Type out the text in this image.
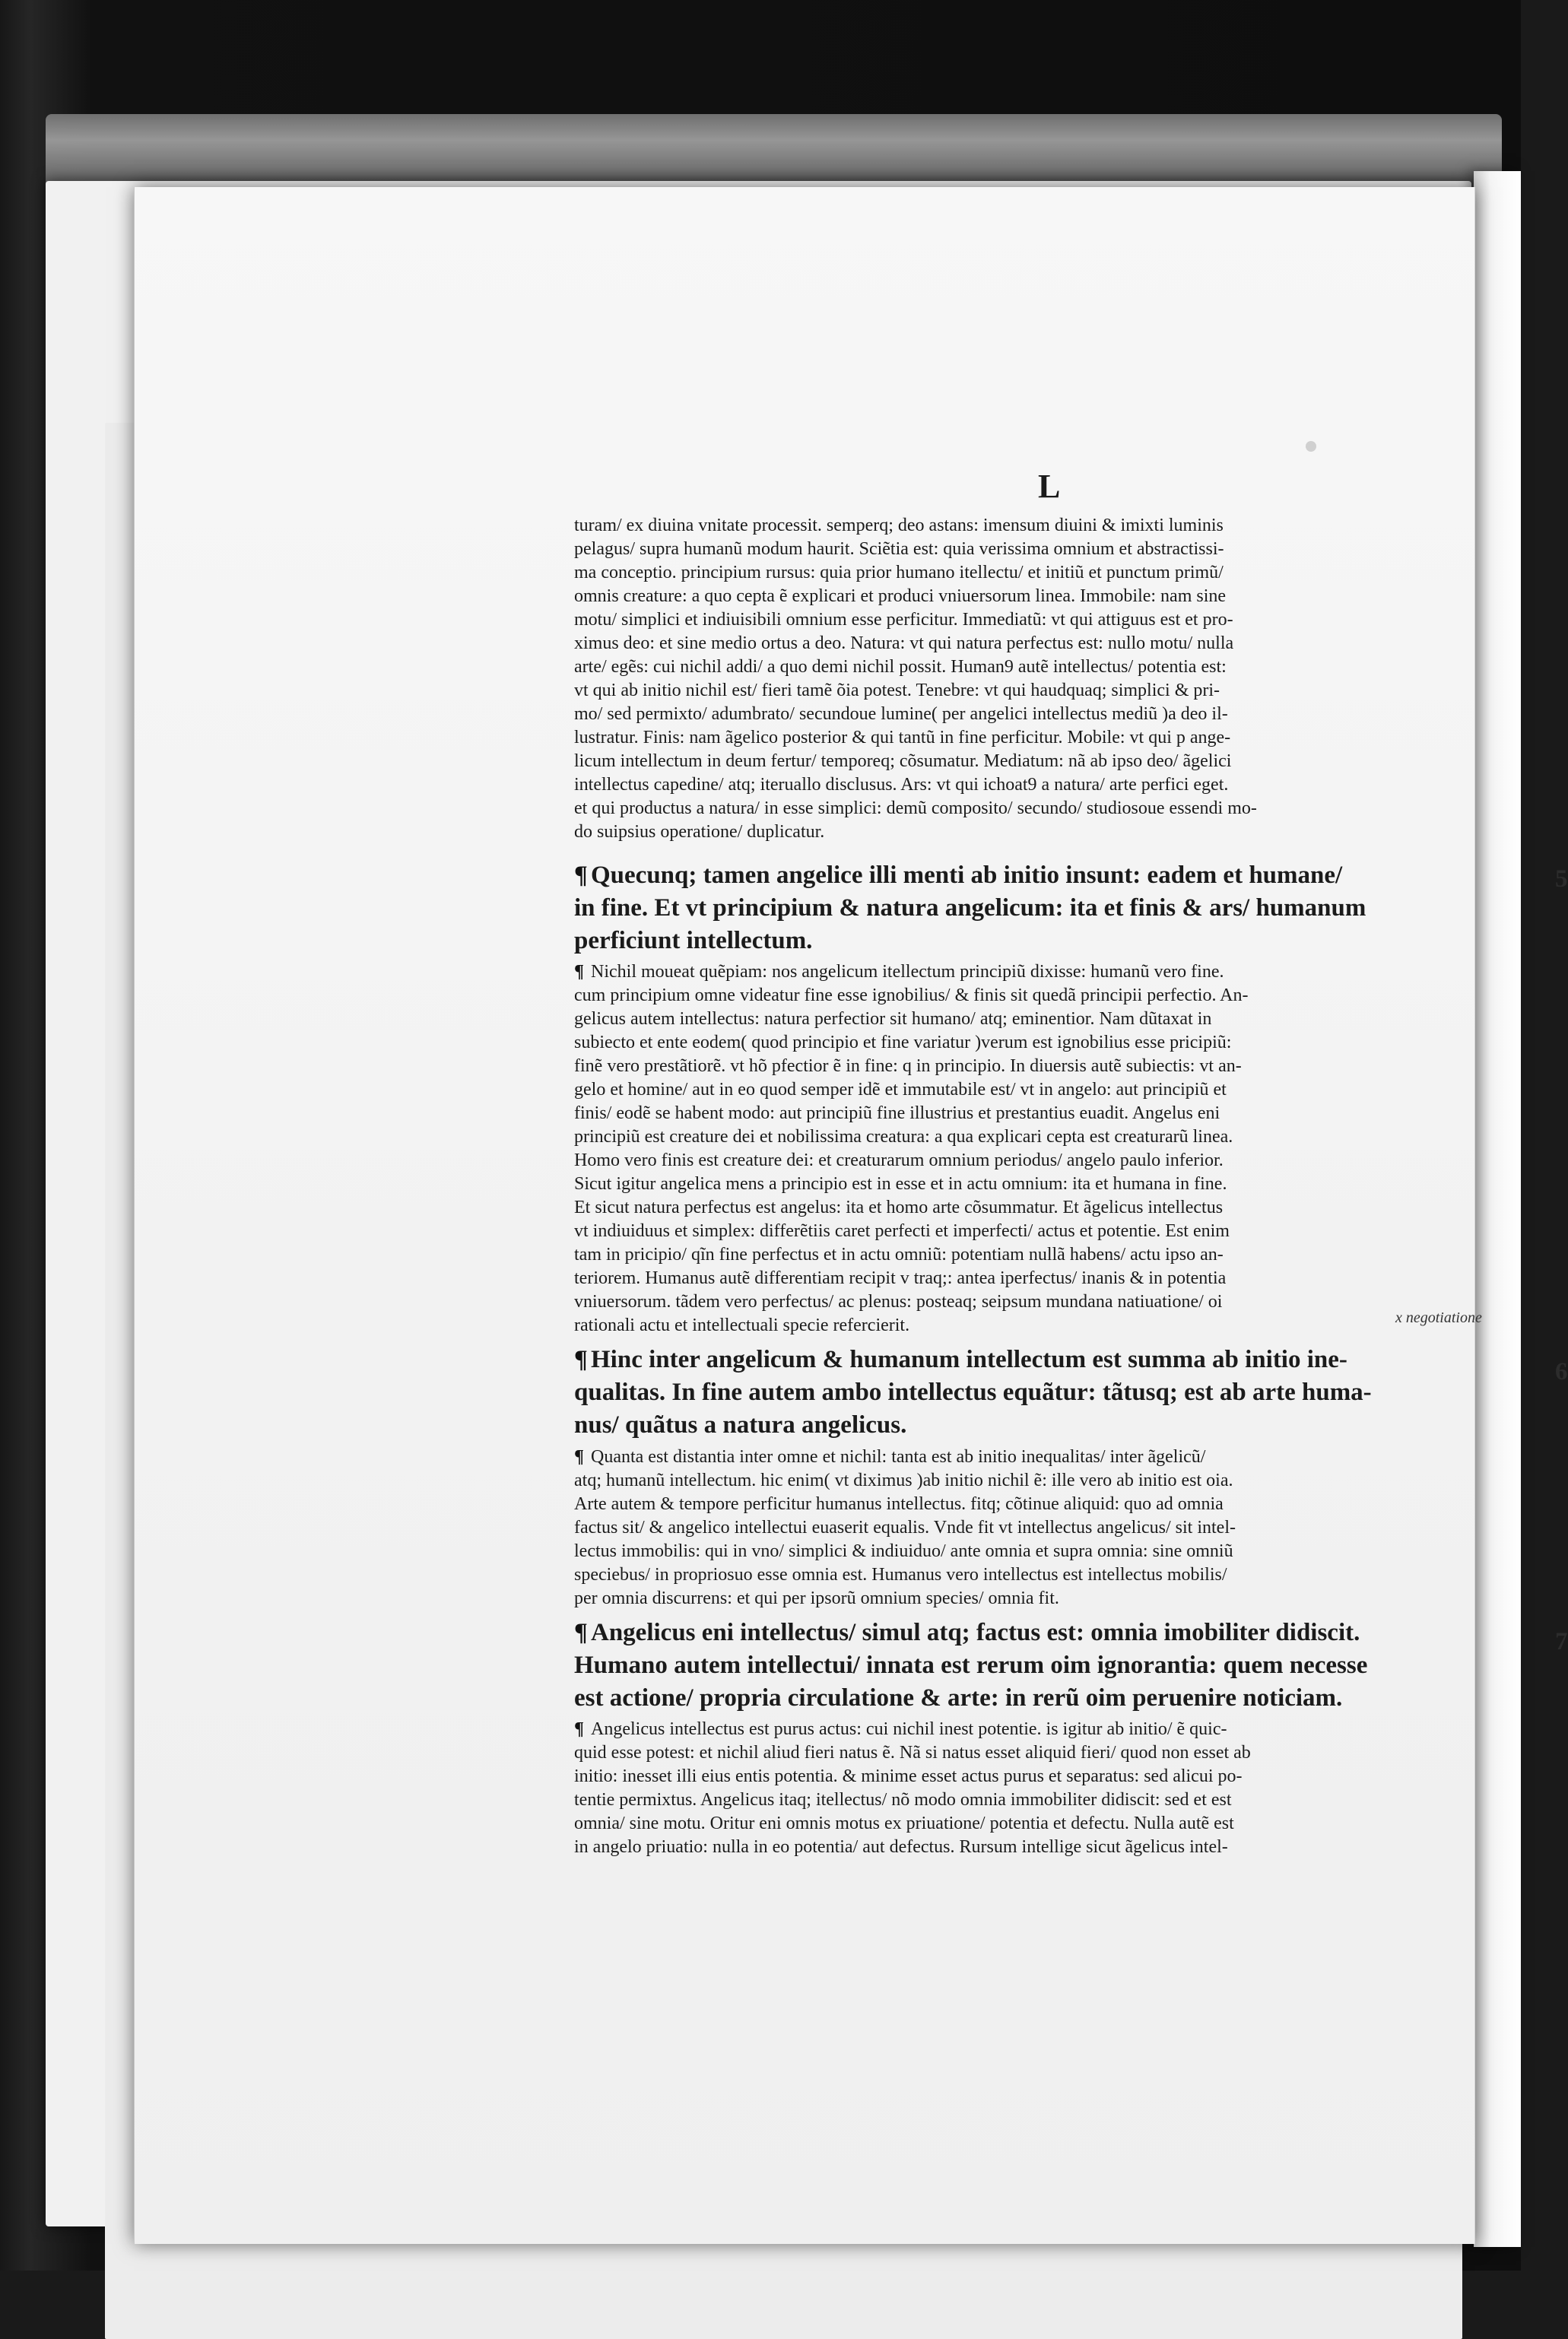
L
turam/ ex diuina vnitate processit. semperq; deo astans: imensum diuini & imixti luminis
pelagus/ supra humanũ modum haurit. Sciẽtia est: quia verissima omnium et abstractissi-
ma conceptio. principium rursus: quia prior humano itellectu/ et initiũ et punctum primũ/
omnis creature: a quo cepta ẽ explicari et produci vniuersorum linea. Immobile: nam sine
motu/ simplici et indiuisibili omnium esse perficitur. Immediatũ: vt qui attiguus est et pro-
ximus deo: et sine medio ortus a deo. Natura: vt qui natura perfectus est: nullo motu/ nulla
arte/ egẽs: cui nichil addi/ a quo demi nichil possit. Human9 autẽ intellectus/ potentia est:
vt qui ab initio nichil est/ fieri tamẽ õia potest. Tenebre: vt qui haudquaq; simplici & pri-
mo/ sed permixto/ adumbrato/ secundoue lumine( per angelici intellectus mediũ )a deo il-
lustratur. Finis: nam ãgelico posterior & qui tantũ in fine perficitur. Mobile: vt qui p ange-
licum intellectum in deum fertur/ temporeq; cõsumatur. Mediatum: nã ab ipso deo/ ãgelici
intellectus capedine/ atq; iteruallo disclusus. Ars: vt qui ichoat9 a natura/ arte perfici eget.
et qui productus a natura/ in esse simplici: demũ composito/ secundo/ studiosoue essendi mo-
do suipsius operatione/ duplicatur.
¶ Quecunq; tamen angelice illi menti ab initio insunt: eadem et humane/
in fine. Et vt principium & natura angelicum: ita et finis & ars/ humanum
perficiunt intellectum.
5
¶ Nichil moueat quẽpiam: nos angelicum itellectum principiũ dixisse: humanũ vero fine.
cum principium omne videatur fine esse ignobilius/ & finis sit quedã principii perfectio. An-
gelicus autem intellectus: natura perfectior sit humano/ atq; eminentior. Nam dũtaxat in
subiecto et ente eodem( quod principio et fine variatur )verum est ignobilius esse pricipiũ:
finẽ vero prestãtiorẽ. vt hõ pfectior ẽ in fine: q in principio. In diuersis autẽ subiectis: vt an-
gelo et homine/ aut in eo quod semper idẽ et immutabile est/ vt in angelo: aut principiũ et
finis/ eodẽ se habent modo: aut principiũ fine illustrius et prestantius euadit. Angelus eni
principiũ est creature dei et nobilissima creatura: a qua explicari cepta est creaturarũ linea.
Homo vero finis est creature dei: et creaturarum omnium periodus/ angelo paulo inferior.
Sicut igitur angelica mens a principio est in esse et in actu omnium: ita et humana in fine.
Et sicut natura perfectus est angelus: ita et homo arte cõsummatur. Et ãgelicus intellectus
vt indiuiduus et simplex: differẽtiis caret perfecti et imperfecti/ actus et potentie. Est enim
tam in pricipio/ qĩn fine perfectus et in actu omniũ: potentiam nullã habens/ actu ipso an-
teriorem. Humanus autẽ differentiam recipit v traq;: antea iperfectus/ inanis & in potentia
vniuersorum. tãdem vero perfectus/ ac plenus: posteaq; seipsum mundana natiuatione/ oi
x negotiatione
rationali actu et intellectuali specie refercierit.
¶ Hinc inter angelicum & humanum intellectum est summa ab initio ine-
qualitas. In fine autem ambo intellectus equãtur: tãtusq; est ab arte huma-
nus/ quãtus a natura angelicus.
6
¶ Quanta est distantia inter omne et nichil: tanta est ab initio inequalitas/ inter ãgelicũ/
atq; humanũ intellectum. hic enim( vt diximus )ab initio nichil ẽ: ille vero ab initio est oia.
Arte autem & tempore perficitur humanus intellectus. fitq; cõtinue aliquid: quo ad omnia
factus sit/ & angelico intellectui euaserit equalis. Vnde fit vt intellectus angelicus/ sit intel-
lectus immobilis: qui in vno/ simplici & indiuiduo/ ante omnia et supra omnia: sine omniũ
speciebus/ in propriosuo esse omnia est. Humanus vero intellectus est intellectus mobilis/
per omnia discurrens: et qui per ipsorũ omnium species/ omnia fit.
¶ Angelicus eni intellectus/ simul atq; factus est: omnia imobiliter didiscit.
Humano autem intellectui/ innata est rerum oim ignorantia: quem necesse
est actione/ propria circulatione & arte: in rerũ oim peruenire noticiam.
7
¶ Angelicus intellectus est purus actus: cui nichil inest potentie. is igitur ab initio/ ẽ quic-
quid esse potest: et nichil aliud fieri natus ẽ. Nã si natus esset aliquid fieri/ quod non esset ab
initio: inesset illi eius entis potentia. & minime esset actus purus et separatus: sed alicui po-
tentie permixtus. Angelicus itaq; itellectus/ nõ modo omnia immobiliter didiscit: sed et est
omnia/ sine motu. Oritur eni omnis motus ex priuatione/ potentia et defectu. Nulla autẽ est
in angelo priuatio: nulla in eo potentia/ aut defectus. Rursum intellige sicut ãgelicus intel-
